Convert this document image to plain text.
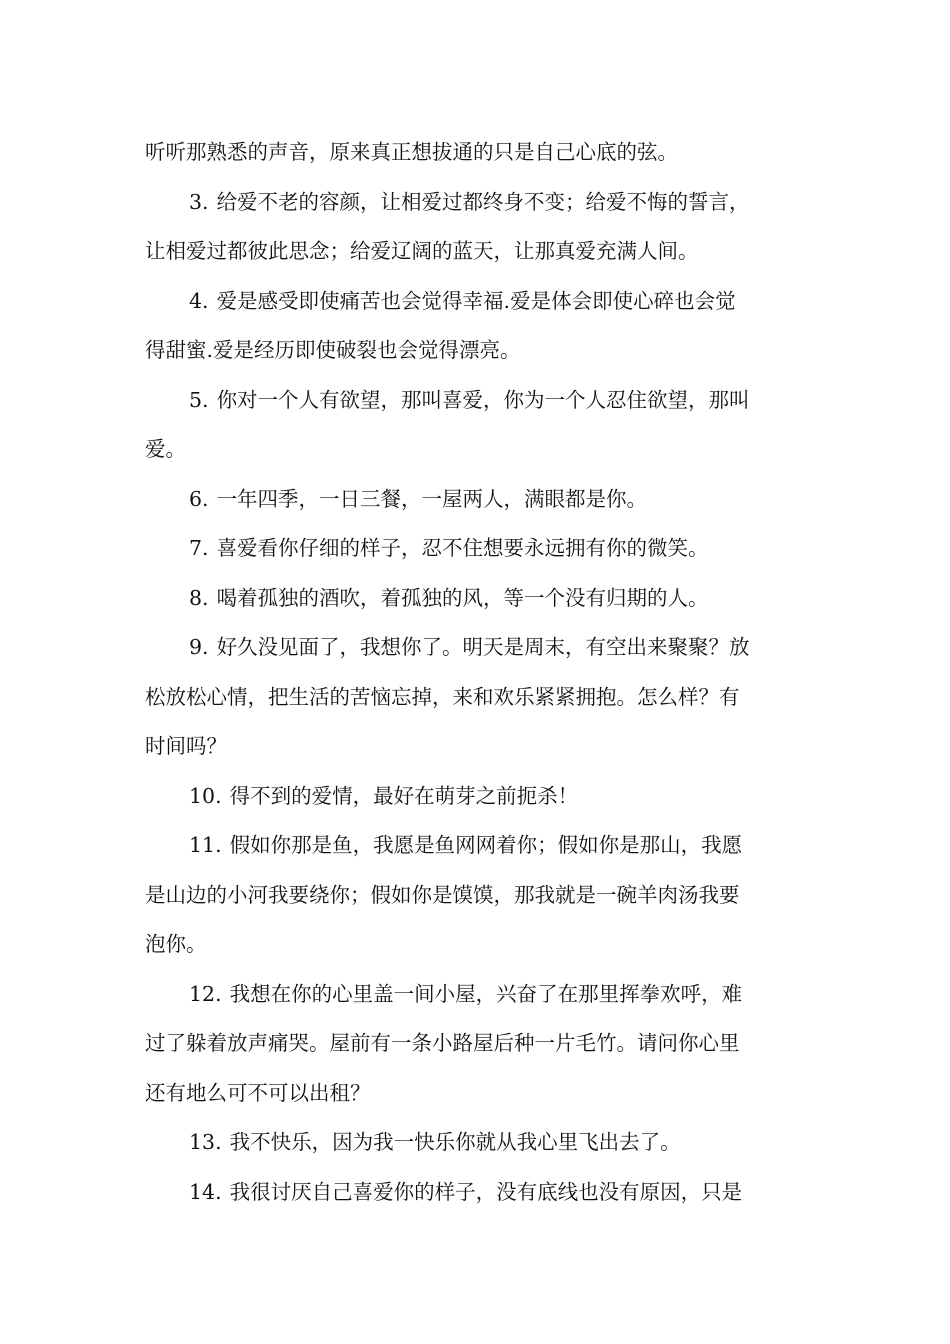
听听那熟悉的声音，原来真正想拔通的只是自己心底的弦。
3. 给爱不老的容颜，让相爱过都终身不变；给爱不悔的誓言，
让相爱过都彼此思念；给爱辽阔的蓝天，让那真爱充满人间。
4. 爱是感受即使痛苦也会觉得幸福.爱是体会即使心碎也会觉
得甜蜜.爱是经历即使破裂也会觉得漂亮。
5. 你对一个人有欲望，那叫喜爱，你为一个人忍住欲望，那叫
爱。
6. 一年四季，一日三餐，一屋两人，满眼都是你。
7. 喜爱看你仔细的样子，忍不住想要永远拥有你的微笑。
8. 喝着孤独的酒吹，着孤独的风，等一个没有归期的人。
9. 好久没见面了，我想你了。明天是周末，有空出来聚聚？放
松放松心情，把生活的苦恼忘掉，来和欢乐紧紧拥抱。怎么样？有
时间吗？
10. 得不到的爱情，最好在萌芽之前扼杀！
11. 假如你那是鱼，我愿是鱼网网着你；假如你是那山，我愿
是山边的小河我要绕你；假如你是馍馍，那我就是一碗羊肉汤我要
泡你。
12. 我想在你的心里盖一间小屋，兴奋了在那里挥拳欢呼，难
过了躲着放声痛哭。屋前有一条小路屋后种一片毛竹。请问你心里
还有地么可不可以出租？
13. 我不快乐，因为我一快乐你就从我心里飞出去了。
14. 我很讨厌自己喜爱你的样子，没有底线也没有原因，只是
